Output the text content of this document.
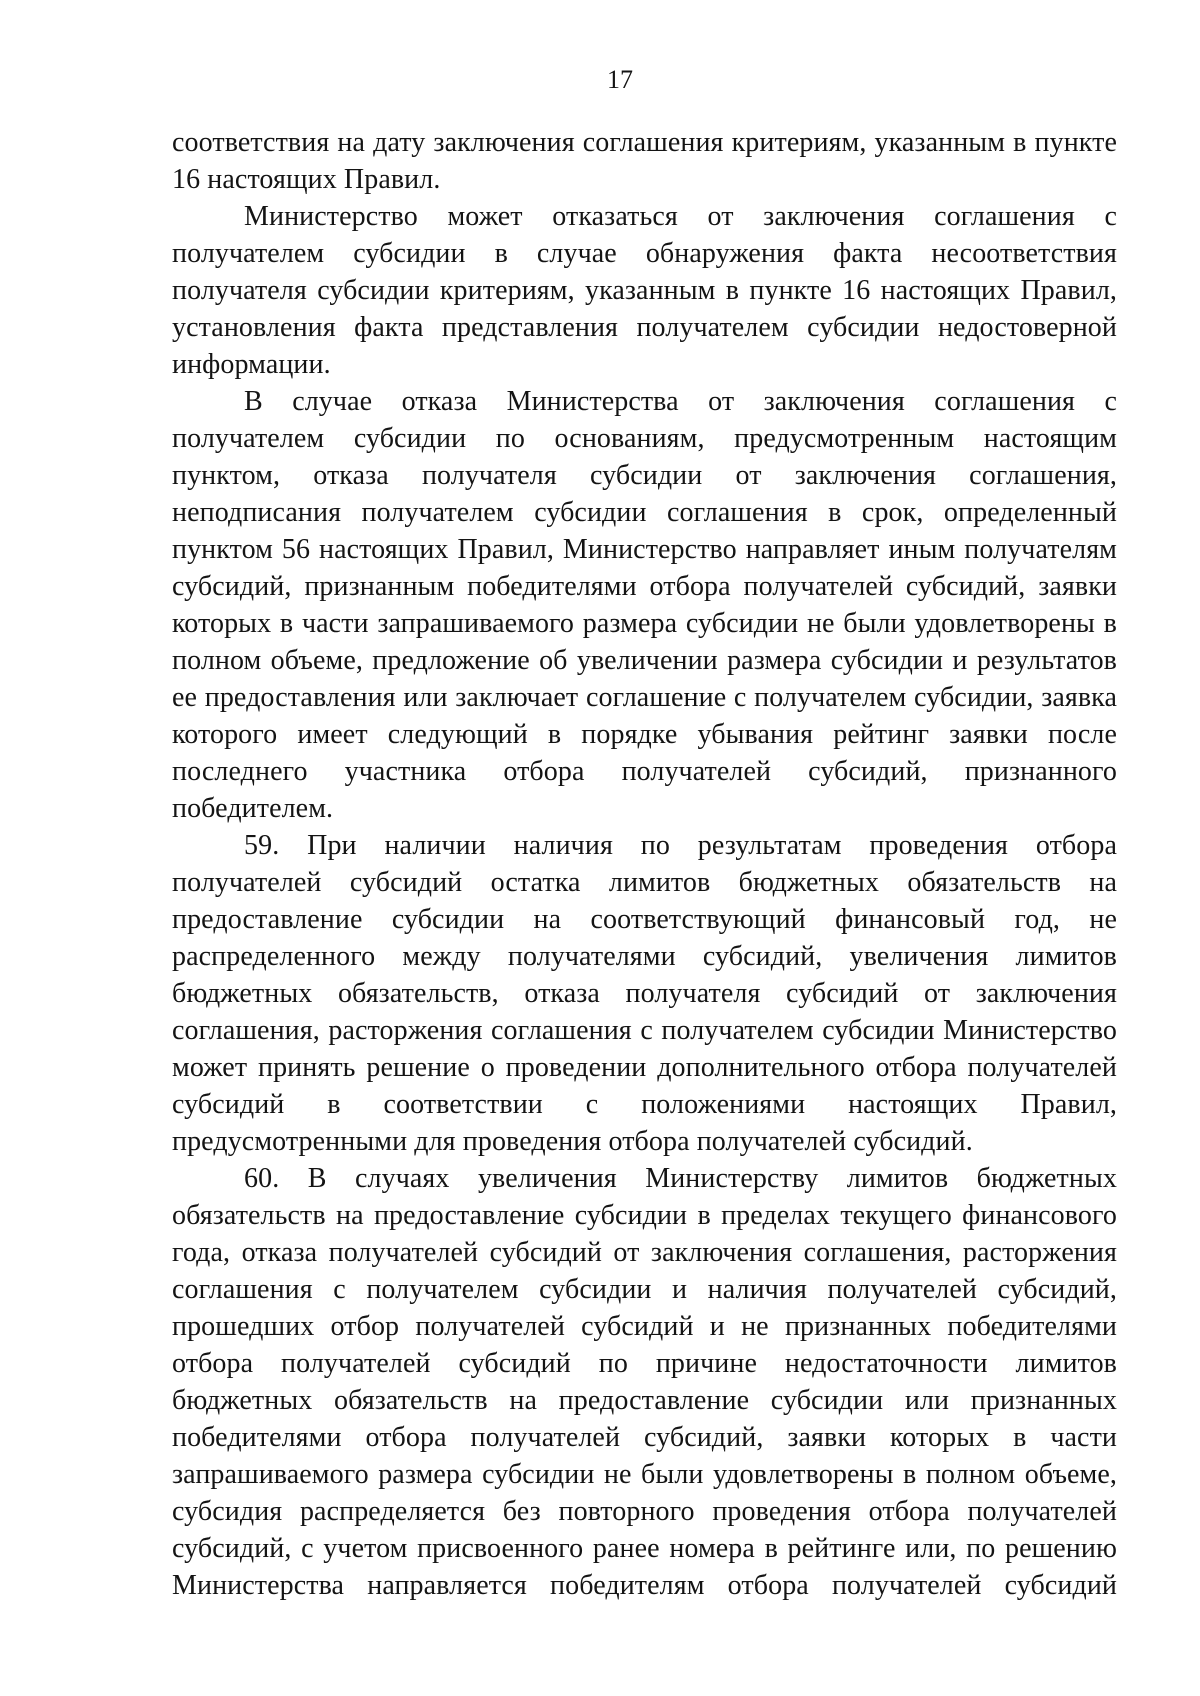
17

соответствия на дату заключения соглашения критериям, указанным в пункте 16 настоящих Правил.

Министерство может отказаться от заключения соглашения с получателем субсидии в случае обнаружения факта несоответствия получателя субсидии критериям, указанным в пункте 16 настоящих Правил, установления факта представления получателем субсидии недостоверной информации.

В случае отказа Министерства от заключения соглашения с получателем субсидии по основаниям, предусмотренным настоящим пунктом, отказа получателя субсидии от заключения соглашения, неподписания получателем субсидии соглашения в срок, определенный пунктом 56 настоящих Правил, Министерство направляет иным получателям субсидий, признанным победителями отбора получателей субсидий, заявки которых в части запрашиваемого размера субсидии не были удовлетворены в полном объеме, предложение об увеличении размера субсидии и результатов ее предоставления или заключает соглашение с получателем субсидии, заявка которого имеет следующий в порядке убывания рейтинг заявки после последнего участника отбора получателей субсидий, признанного победителем.

59. При наличии наличия по результатам проведения отбора получателей субсидий остатка лимитов бюджетных обязательств на предоставление субсидии на соответствующий финансовый год, не распределенного между получателями субсидий, увеличения лимитов бюджетных обязательств, отказа получателя субсидий от заключения соглашения, расторжения соглашения с получателем субсидии Министерство может принять решение о проведении дополнительного отбора получателей субсидий в соответствии с положениями настоящих Правил, предусмотренными для проведения отбора получателей субсидий.

60. В случаях увеличения Министерству лимитов бюджетных обязательств на предоставление субсидии в пределах текущего финансового года, отказа получателей субсидий от заключения соглашения, расторжения соглашения с получателем субсидии и наличия получателей субсидий, прошедших отбор получателей субсидий и не признанных победителями отбора получателей субсидий по причине недостаточности лимитов бюджетных обязательств на предоставление субсидии или признанных победителями отбора получателей субсидий, заявки которых в части запрашиваемого размера субсидии не были удовлетворены в полном объеме, субсидия распределяется без повторного проведения отбора получателей субсидий, с учетом присвоенного ранее номера в рейтинге или, по решению Министерства направляется победителям отбора получателей субсидий
